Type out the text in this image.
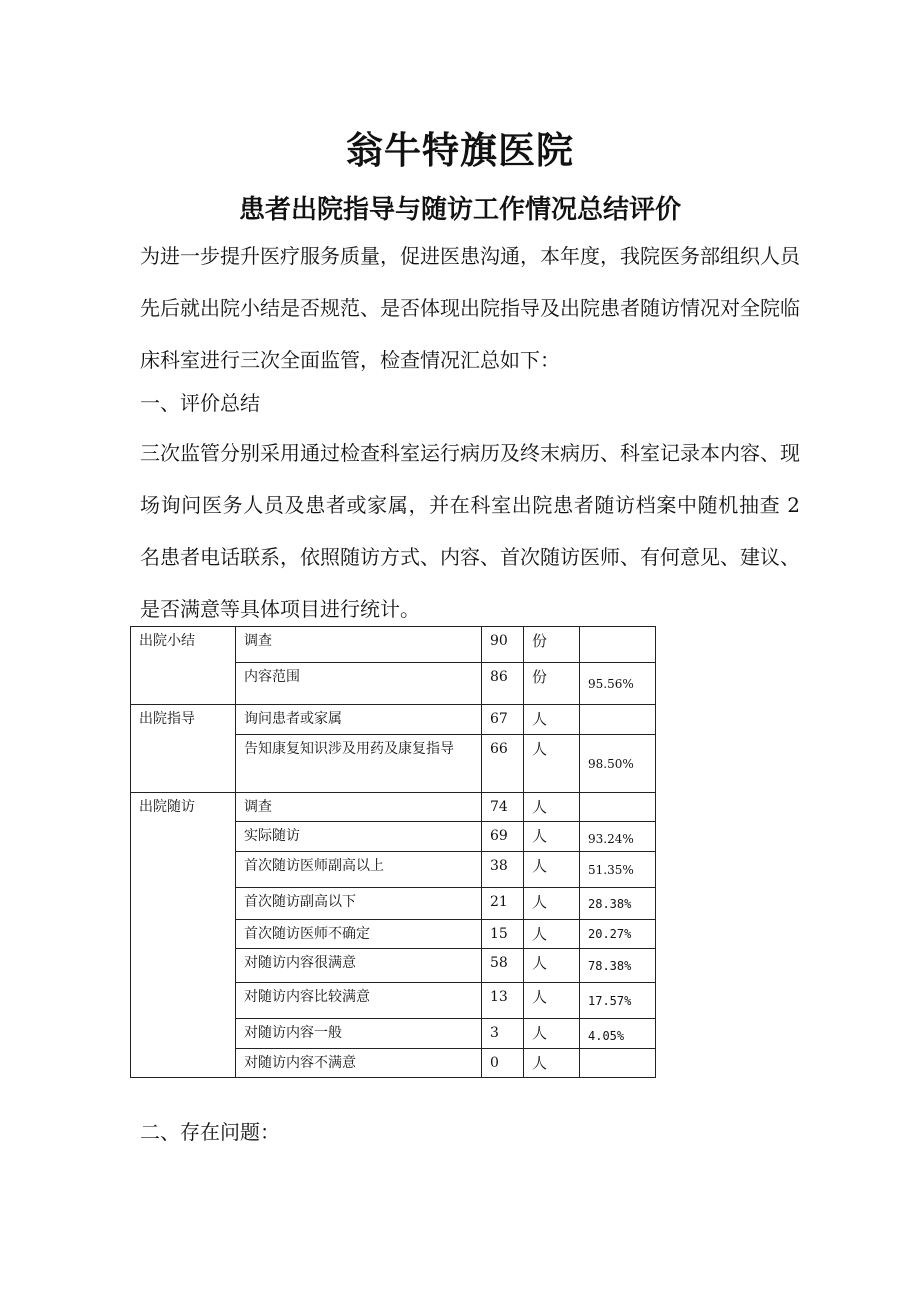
翁牛特旗医院
患者出院指导与随访工作情况总结评价
为进一步提升医疗服务质量，促进医患沟通，本年度，我院医务部组织人员先后就出院小结是否规范、是否体现出院指导及出院患者随访情况对全院临床科室进行三次全面监管，检查情况汇总如下：
一、评价总结
三次监管分别采用通过检查科室运行病历及终末病历、科室记录本内容、现场询问医务人员及患者或家属，并在科室出院患者随访档案中随机抽查 2 名患者电话联系，依照随访方式、内容、首次随访医师、有何意见、建议、是否满意等具体项目进行统计。
出院小结	调查	90	份	
	内容范围	86	份	95.56%
出院指导	询问患者或家属	67	人	
	告知康复知识涉及用药及康复指导	66	人	98.50%
出院随访	调查	74	人	
	实际随访	69	人	93.24%
	首次随访医师副高以上	38	人	51.35%
	首次随访副高以下	21	人	28.38%
	首次随访医师不确定	15	人	20.27%
	对随访内容很满意	58	人	78.38%
	对随访内容比较满意	13	人	17.57%
	对随访内容一般	3	人	4.05%
	对随访内容不满意	0	人	
二、存在问题：
